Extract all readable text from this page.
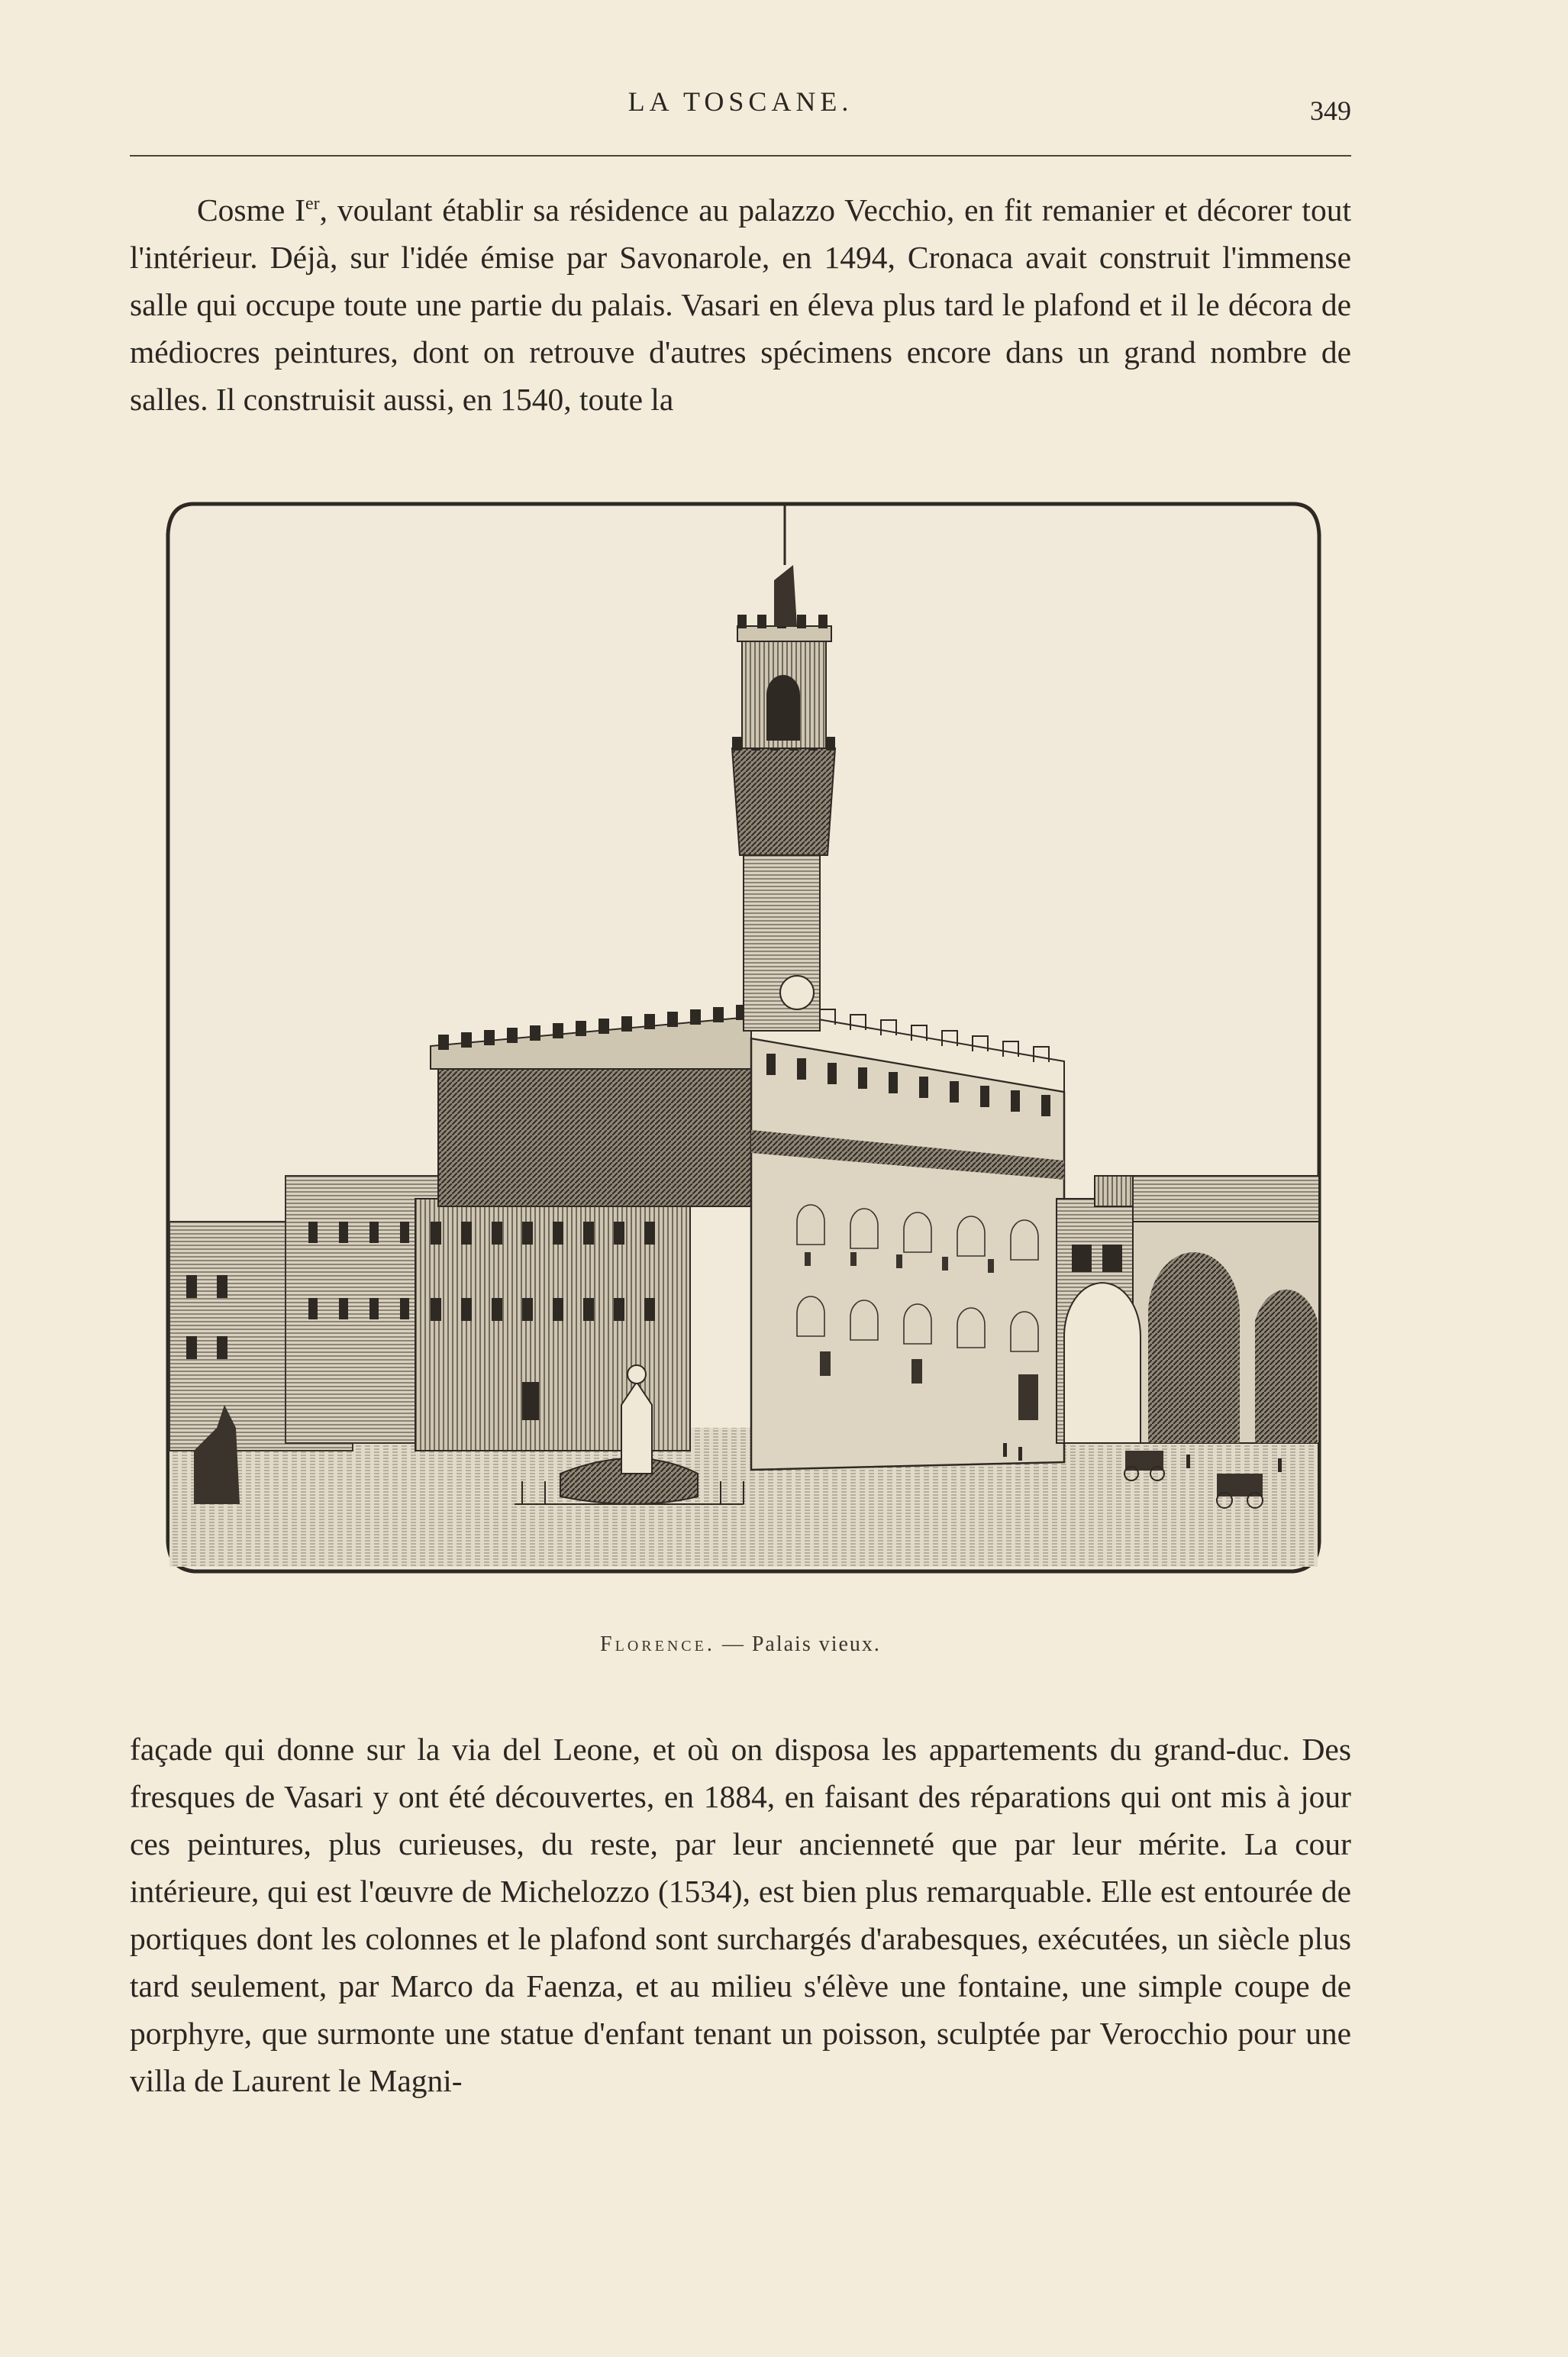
LA TOSCANE.	349

Cosme Ier, voulant établir sa résidence au palazzo Vecchio, en fit remanier et décorer tout l'intérieur. Déjà, sur l'idée émise par Savonarole, en 1494, Cronaca avait construit l'immense salle qui occupe toute une partie du palais. Vasari en éleva plus tard le plafond et il le décora de médiocres peintures, dont on retrouve d'autres spécimens encore dans un grand nombre de salles. Il construisit aussi, en 1540, toute la

Florence. — Palais vieux.

façade qui donne sur la via del Leone, et où on disposa les appartements du grand-duc. Des fresques de Vasari y ont été découvertes, en 1884, en faisant des réparations qui ont mis à jour ces peintures, plus curieuses, du reste, par leur ancienneté que par leur mérite. La cour intérieure, qui est l'œuvre de Michelozzo (1534), est bien plus remarquable. Elle est entourée de portiques dont les colonnes et le plafond sont surchargés d'arabesques, exécutées, un siècle plus tard seulement, par Marco da Faenza, et au milieu s'élève une fontaine, une simple coupe de porphyre, que surmonte une statue d'enfant tenant un poisson, sculptée par Verocchio pour une villa de Laurent le Magni-
